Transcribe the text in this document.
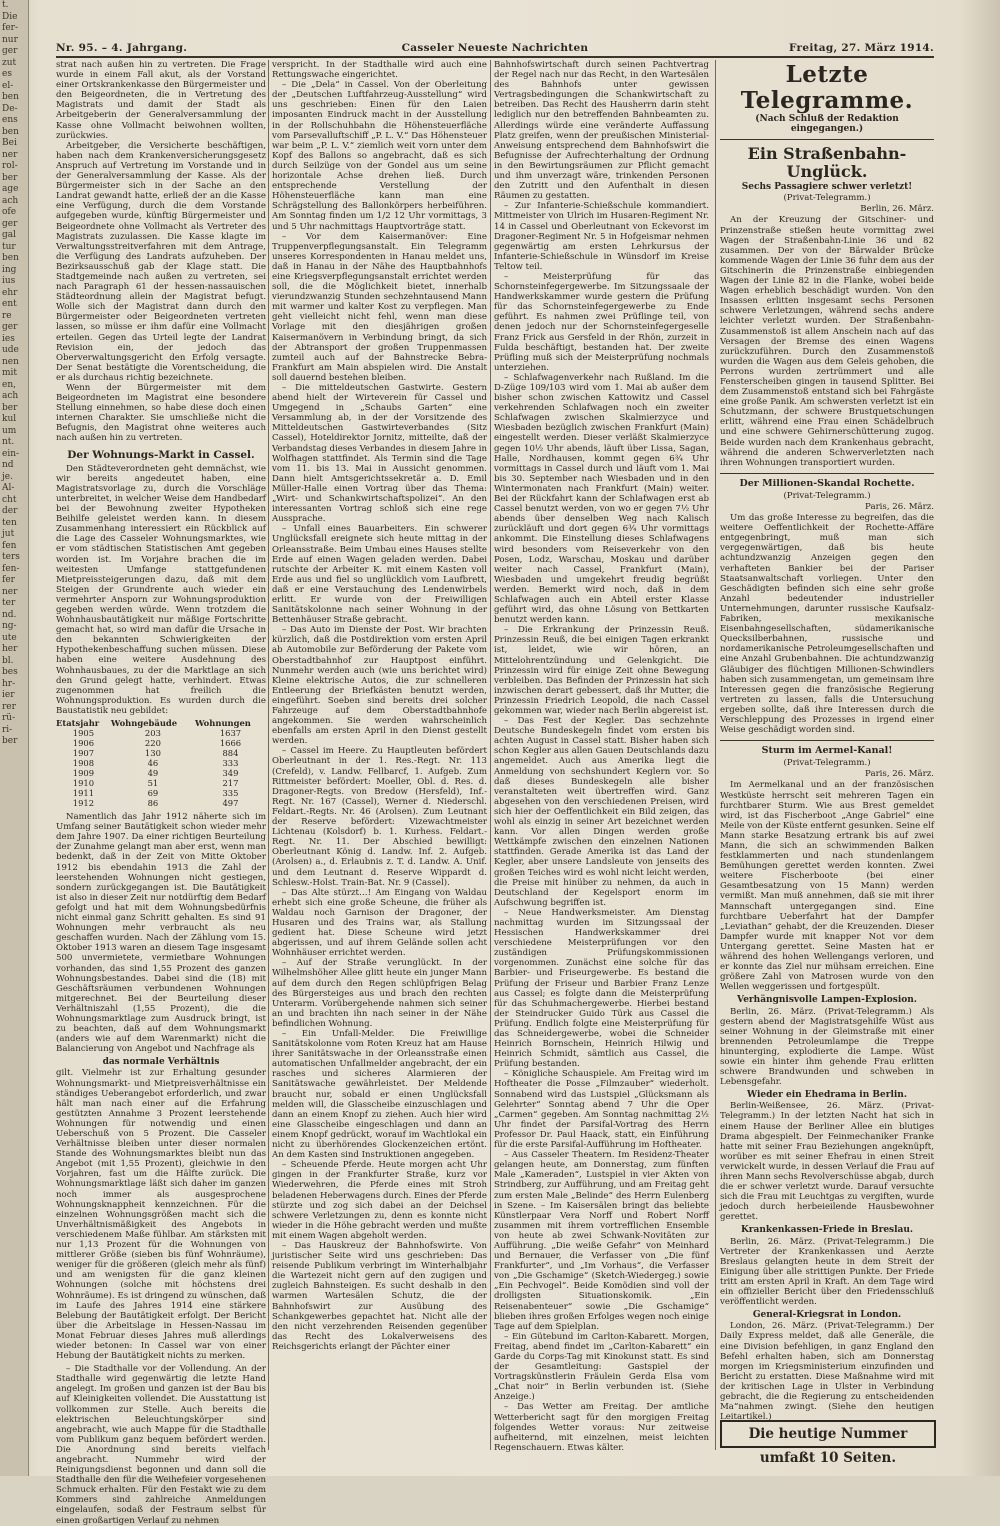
t.
Die
fer-
nur
ger
zut
es
el-
ben
De-
ens
ben
Bei
ner
rol-
ber
age
ach
ofe
ger
gal
tur
ben
ing
ius
ehr
ent
re
ger
ies
ude
nen
mit
en,
ach
ber
kul
um
nt.
ein-
nd
je.
Al-
cht
der
ten
jut
fen
ters
fen-
fer
ner
ter
nd.
ng-
ute
her
bl.
bes
hr-
ier
rer
rü-
ri-
ber
Nr. 95. – 4. Jahrgang.	Casseler Neueste Nachrichten	Freitag, 27. März 1914.

strat nach außen hin zu vertreten. Die Frage wurde in einem Fall akut, als der Vorstand einer Ortskrankenkasse den Bürgermeister und den Beigeordneten, die in Vertretung des Magistrats und damit der Stadt als Arbeitgeberin der Generalversammlung der Kasse ohne Vollmacht beiwohnen wollten, zurückwies.

Arbeitgeber, die Versicherte beschäftigen, haben nach dem Krankenversicherungsgesetz Anspruch auf Vertretung im Vorstande und in der Generalversammlung der Kasse. Als der Bürgermeister sich in der Sache an den Landrat gewandt hatte, erließ der an die Kasse eine Verfügung, durch die dem Vorstande aufgegeben wurde, künftig Bürgermeister und Beigeordnete ohne Vollmacht als Vertreter des Magistrats zuzulassen. Die Kasse klagte im Verwaltungsstreitverfahren mit dem Antrage, die Verfügung des Landrats aufzuheben. Der Bezirksausschuß gab der Klage statt. Die Stadtgemeinde nach außen zu vertreten, sei nach Paragraph 61 der hessen-nassauischen Städteordnung allein der Magistrat befugt. Wolle sich der Magistrat dann durch den Bürgermeister oder Beigeordneten vertreten lassen, so müsse er ihm dafür eine Vollmacht erteilen. Gegen das Urteil legte der Landrat Revision ein, der jedoch das Oberverwaltungsgericht den Erfolg versagte. Der Senat bestätigte die Vorentscheidung, die er als durchaus richtig bezeichnete.

Wenn der Bürgermeister mit dem Beigeordneten im Magistrat eine besondere Stellung einnehmen, so habe diese doch einen internen Charakter. Sie umschließe nicht die Befugnis, den Magistrat ohne weiteres auch nach außen hin zu vertreten.

Der Wohnungs-Markt in Cassel.

Den Städteverordneten geht demnächst, wie wir bereits angedeutet haben, eine Magistratsvorlage zu, durch die Vorschläge unterbreitet, in welcher Weise dem Handbedarf bei der Bewohnung zweiter Hypotheken Beihilfe geleistet werden kann. In diesem Zusammenhang interessiert ein Rückblick auf die Lage des Casseler Wohnungsmarktes, wie er vom städtischen Statistischen Amt gegeben worden ist. Im Vorjahre brachen die im weitesten Umfange stattgefundenen Mietpreissteigerungen dazu, daß mit dem Steigen der Grundrente auch wieder ein vermehrter Ansporn zur Wohnungsproduktion gegeben werden würde. Wenn trotzdem die Wohnhausbautätigkeit nur mäßige Fortschritte gemacht hat, so wird man dafür die Ursache in den bekannten Schwierigkeiten der Hypothekenbeschaffung suchen müssen. Diese haben eine weitere Ausdehnung des Wohnhausbaues, zu der die Marktlage an sich den Grund gelegt hatte, verhindert. Etwas zugenommen hat freilich die Wohnungsproduktion. Es wurden durch die Baustatistik neu gebildet:

Etatsjahr	Wohngebäude	Wohnungen
1905	203	1637
1906	220	1666
1907	130	884
1908	46	333
1909	49	349
1910	51	217
1911	69	335
1912	86	497

Namentlich das Jahr 1912 näherte sich im Umfang seiner Bautätigkeit schon wieder mehr dem Jahre 1907. Da einer richtigen Beurteilung der Zunahme gelangt man aber erst, wenn man bedenkt, daß in der Zeit von Mitte Oktober 1912 bis ebendahin 1913 die Zahl der leerstehenden Wohnungen nicht gestiegen, sondern zurückgegangen ist. Die Bautätigkeit ist also in dieser Zeit nur notdürftig dem Bedarf gefolgt und hat mit dem Wohnungsbedürfnis nicht einmal ganz Schritt gehalten. Es sind 91 Wohnungen mehr verbraucht als neu geschaffen wurden. Nach der Zählung vom 15. Oktober 1913 waren an diesem Tage insgesamt 500 unvermietete, vermietbare Wohnungen vorhanden, das sind 1,55 Prozent des ganzen Wohnungsbestandes. Dabei sind die (18) mit Geschäftsräumen verbundenen Wohnungen mitgerechnet. Bei der Beurteilung dieser Verhältniszahl (1,55 Prozent), die die Wohnungsmarktlage zum Ausdruck bringt, ist zu beachten, daß auf dem Wohnungsmarkt (anders wie auf dem Warenmarkt) nicht die Balancierung von Angebot und Nachfrage als

das normale Verhältnis

gilt. Vielmehr ist zur Erhaltung gesunder Wohnungsmarkt- und Mietpreisverhältnisse ein ständiges Ueberangebot erforderlich, und zwar hält man nach einer auf die Erfahrung gestützten Annahme 3 Prozent leerstehende Wohnungen für notwendig und einen Ueberschuß von 5 Prozent. Die Casseler Verhältnisse bleiben unter dieser normalen Stande des Wohnungsmarktes bleibt nun das Angebot (mit 1,55 Prozent), gleichwie in den Vorjahren, fast um die Hälfte zurück. Die Wohnungsmarktlage läßt sich daher im ganzen noch immer als ausgesprochene Wohnungsknappheit kennzeichnen. Für die einzelnen Wohnungsgrößen macht sich die Unverhältnismäßigkeit des Angebots in verschiedenem Maße fühlbar. Am stärksten mit nur 1,13 Prozent für die Wohnungen von mittlerer Größe (sieben bis fünf Wohnräume), weniger für die größeren (gleich mehr als fünf) und am wenigsten für die ganz kleinen Wohnungen (solche mit höchstens drei Wohnräume). Es ist dringend zu wünschen, daß im Laufe des Jahres 1914 eine stärkere Belebung der Bautätigkeit erfolgt. Der Bericht über die Arbeitslage in Hessen-Nassau im Monat Februar dieses Jahres muß allerdings wieder betonen: In Cassel war von einer Hebung der Bautätigkeit nichts zu merken.

– Die Stadthalle vor der Vollendung. An der Stadthalle wird gegenwärtig die letzte Hand angelegt. Im großen und ganzen ist der Bau bis auf Kleinigkeiten vollendet. Die Ausstattung ist vollkommen zur Stelle. Auch bereits die elektrischen Beleuchtungskörper sind angebracht, wie auch Mappe für die Stadthalle vom Publikum ganz bequem befördert werden. Die Anordnung sind bereits vielfach angebracht. Nummehr wird der Reinigungsdienst begonnen und dann soll die Stadthalle den für die Weihefeier vorgesehenen Schmuck erhalten. Für den Festakt wie zu dem Kommers sind zahlreiche Anmeldungen eingelaufen, sodaß der Festraum selbst für einen großartigen Verlauf zu nehmen

verspricht. In der Stadthalle wird auch eine Rettungswache eingerichtet.

– Die „Dela“ in Cassel. Von der Oberleitung der „Deutschen Luftfahrzeug-Ausstellung“ wird uns geschrieben: Einen für den Laien imposanten Eindruck macht in der Ausstellung in der Rollschuhbahn die Höhensteuerfläche vom Parsevalluftschiff „P. L. V.“ Das Höhensteuer war beim „P. L. V.“ ziemlich weit vorn unter dem Kopf des Ballons so angebracht, daß es sich durch Seilzüge von der Gondel aus um seine horizontale Achse drehen ließ. Durch entsprechende Verstellung der Höhensteuerfläche kann man eine Schrägstellung des Ballonkörpers herbeiführen. Am Sonntag finden um 1/2 12 Uhr vormittags, 3 und 5 Uhr nachmittags Hauptvorträge statt.

– Vor dem Kaisermanöver: Eine Truppenverpflegungsanstalt. Ein Telegramm unseres Korrespondenten in Hanau meldet uns, daß in Hanau in der Nähe des Hauptbahnhofs eine Kriegsverpflegungsanstalt errichtet werden soll, die die Möglichkeit bietet, innerhalb vierundzwanzig Stunden sechzehntausend Mann mit warmer und kalter Kost zu verpflegen. Man geht vielleicht nicht fehl, wenn man diese Vorlage mit den diesjährigen großen Kaisermanövern in Verbindung bringt, da sich der Abtransport der großen Truppenmassen zumteil auch auf der Bahnstrecke Bebra-Frankfurt am Main abspielen wird. Die Anstalt soll dauernd bestehen bleiben.

– Die mitteldeutschen Gastwirte. Gestern abend hielt der Wirteverein für Cassel und Umgegend in „Schaubs Garten“ eine Versammlung ab, in der der Vorsitzende des Mitteldeutschen Gastwirteverbandes (Sitz Cassel), Hoteldirektor Jornitz, mitteilte, daß der Verbandstag dieses Verbandes in diesem Jahre in Wolfhagen stattfindet. Als Termin sind die Tage vom 11. bis 13. Mai in Aussicht genommen. Dann hielt Amtsgerichtssekretär a. D. Emil Müller-Halle einen Vortrag über das Thema: „Wirt- und Schankwirtschaftspolizei“. An den interessanten Vortrag schloß sich eine rege Aussprache.

– Unfall eines Bauarbeiters. Ein schwerer Unglücksfall ereignete sich heute mittag in der Orleansstraße. Beim Umbau eines Hauses stellte Erde auf einen Wagen geladen werden. Dabei rutschte der Arbeiter K. mit einem Kasten voll Erde aus und fiel so unglücklich vom Laufbrett, daß er eine Verstauchung des Lendenwirbels erlitt. Er wurde von der Freiwilligen Sanitätskolonne nach seiner Wohnung in der Bettenhäuser Straße gebracht.

– Das Auto im Dienste der Post. Wir brachten kürzlich, daß die Postdirektion vom ersten April ab Automobile zur Beförderung der Pakete vom Oberstadtbahnhof zur Hauptpost einführt. Nunmehr werden auch (wie uns berichtet wird) Kleine elektrische Autos, die zur schnelleren Entleerung der Briefkästen benutzt werden, eingeführt. Soeben sind bereits drei solcher Fahrzeuge auf dem Oberstadtbahnhofe angekommen. Sie werden wahrscheinlich ebenfalls am ersten April in den Dienst gestellt werden.

– Cassel im Heere. Zu Hauptleuten befördert Oberleutnant in der 1. Res.-Regt. Nr. 113 (Crefeld), v. Landw. Fellbarcf, 1. Aufgeb. Zum Rittmeister befördert: Moeller, Obl. d. Res. d. Dragoner-Regts. von Bredow (Hersfeld), Inf.-Regt. Nr. 167 (Cassel), Werner d. Niederschl. Feldart.-Regts. Nr. 46 (Arolsen). Zum Leutnant der Reserve befördert: Vizewachtmeister Lichtenau (Kolsdorf) b. 1. Kurhess. Feldart.-Regt. Nr. 11. Der Abschied bewilligt: Oberleutnant König d. Landw. Inf. 2. Aufgeb. (Arolsen) a., d. Erlaubnis z. T. d. Landw. A. Unif. und dem Leutnant d. Reserve Wippardt d. Schlesw.-Holst. Train-Bat. Nr. 9 (Cassel).

– Das Alte stürzt…! Am Eingang von Waldau erhebt sich eine große Scheune, die früher als Waldau noch Garnison der Dragoner, der Husaren und des Trains war, als Stallung gedient hat. Diese Scheune wird jetzt abgerissen, und auf ihrem Gelände sollen acht Wohnhäuser errichtet werden.

– Auf der Straße verunglückt. In der Wilhelmshöher Allee glitt heute ein junger Mann auf dem durch den Regen schlüpfrigen Belag des Bürgersteiges aus und brach den rechten Unterarm. Vorübergehende nahmen sich seiner an und brachten ihn nach seiner in der Nähe befindlichen Wohnung.

– Ein Unfall-Melder. Die Freiwillige Sanitätskolonne vom Roten Kreuz hat am Hause ihrer Sanitätswache in der Orleansstraße einen automatischen Unfallmelder angebracht, der ein rasches und sicheres Alarmieren der Sanitätswache gewährleistet. Der Meldende braucht nur, sobald er einen Unglücksfall melden will, die Glasscheibe einzuschlagen und dann an einem Knopf zu ziehen. Auch hier wird eine Glasscheibe eingeschlagen und dann an einem Knopf gedrückt, worauf im Wachtlokal ein nicht zu überhörendes Glockenzeichen ertönt. An dem Kasten sind Instruktionen angegeben.

– Scheuende Pferde. Heute morgen acht Uhr gingen in der Frankfurter Straße, kurz vor Wiederwehren, die Pferde eines mit Stroh beladenen Heberwagens durch. Eines der Pferde stürzte und zog sich dabei an der Deichsel schwere Verletzungen zu, denn es konnte nicht wieder in die Höhe gebracht werden und mußte mit einem Wagen abgeholt werden.

– Das Hauskreuz der Bahnhofswirte. Von juristischer Seite wird uns geschrieben: Das reisende Publikum verbringt im Winterhalbjahr die Wartezeit nicht gern auf den zugigen und zugleich Bahnsteigen. Es sucht deshalb in den warmen Wartesälen Schutz, die der Bahnhofswirt zur Ausübung des Schankgewerbes gepachtet hat. Nicht alle der den nicht verzehrenden Reisenden gegenüber das Recht des Lokalverweisens des Reichsgerichts erlangt der Pächter einer

Bahnhofswirtschaft durch seinen Pachtvertrag der Regel nach nur das Recht, in den Wartesälen des Bahnhofs unter gewissen Vertragsbedingungen die Schankwirtschaft zu betreiben. Das Recht des Hausherrn darin steht lediglich nur den betreffenden Bahnbeamten zu. Allerdings würde eine veränderte Auffassung Platz greifen, wenn der preußischen Ministerial-Anweisung entsprechend dem Bahnhofswirt die Befugnisse der Aufrechterhaltung der Ordnung in den Bewirtungsräumen zur Pflicht gemacht und ihm unverzagt wäre, trinkenden Personen den Zutritt und den Aufenthalt in diesen Räumen zu gestatten.

– Zur Infanterie-Schießschule kommandiert. Mittmeister von Ulrich im Husaren-Regiment Nr. 14 in Cassel und Oberleutnant von Eckevorst im Dragoner-Regiment Nr. 5 in Hofgeismar nehmen gegenwärtig am ersten Lehrkursus der Infanterie-Schießschule in Wünsdorf im Kreise Teltow teil.

– Meisterprüfung für das Schornsteinfegergewerbe. Im Sitzungssaale der Handwerkskammer wurde gestern die Prüfung für das Schornsteinfegergewerbe zu Ende geführt. Es nahmen zwei Prüflinge teil, von denen jedoch nur der Schornsteinfegergeselle Franz Frick aus Gersfeld in der Rhön, zurzeit in Fulda beschäftigt, bestanden hat. Der zweite Prüfling muß sich der Meisterprüfung nochmals unterziehen.

– Schlafwagenverkehr nach Rußland. Im die D-Züge 109/103 wird vom 1. Mai ab außer dem bisher schon zwischen Kattowitz und Cassel verkehrenden Schlafwagen noch ein zweiter Schlafwagen zwischen Skalmierzyce und Wiesbaden bezüglich zwischen Frankfurt (Main) eingestellt werden. Dieser verläßt Skalmierzyce gegen 10½ Uhr abends, läuft über Lissa, Sagan, Halle, Nordhausen, kommt gegen 6¾ Uhr vormittags in Cassel durch und läuft vom 1. Mai bis 30. September nach Wiesbaden und in den Wintermonaten nach Frankfurt (Main) weiter. Bei der Rückfahrt kann der Schlafwagen erst ab Cassel benutzt werden, von wo er gegen 7½ Uhr abends über denselben Weg nach Kalisch zurückläuft und dort gegen 6¾ Uhr vormittags ankommt. Die Einstellung dieses Schlafwagens wird besonders vom Reiseverkehr von den Posen, Lodz, Warschau, Moskau und darüber weiter nach Cassel, Frankfurt (Main), Wiesbaden und umgekehrt freudig begrüßt werden. Bemerkt wird noch, daß in dem Schlafwagen auch ein Abteil erster Klasse geführt wird, das ohne Lösung von Bettkarten benutzt werden kann.

– Die Erkrankung der Prinzessin Reuß. Prinzessin Reuß, die bei einigen Tagen erkrankt ist, leidet, wie wir hören, an Mittelohrentzündung und Gelenkgicht. Die Prinzessin wird für einige Zeit ohne Bewegung verbleiben. Das Befinden der Prinzessin hat sich inzwischen derart gebessert, daß ihr Mutter, die Prinzessin Friedrich Leopold, die nach Cassel gekommen war, wieder nach Berlin abgereist ist.

– Das Fest der Kegler. Das sechzehnte Deutsche Bundeskegeln findet vom ersten bis achten August in Cassel statt. Bisher haben sich schon Kegler aus allen Gauen Deutschlands dazu angemeldet. Auch aus Amerika liegt die Anmeldung von sechshundert Keglern vor. So daß dieses Bundeskegeln alle bisher veranstalteten weit übertreffen wird. Ganz abgesehen von den verschiedenen Preisen, wird sich hier der Oeffentlichkeit ein Bild zeigen, das wohl als einzig in seiner Art bezeichnet werden kann. Vor allen Dingen werden große Wettkämpfe zwischen den einzelnen Nationen stattfinden. Gerade Amerika ist das Land der Kegler, aber unsere Landsleute von jenseits des großen Teiches wird es wohl nicht leicht werden, die Preise mit hinüber zu nehmen, da auch in Deutschland der Kegelsport enorm im Aufschwung begriffen ist.

– Neue Handwerksmeister. Am Dienstag nachmittag wurden im Sitzungssaal der Hessischen Handwerkskammer drei verschiedene Meisterprüfungen vor den zuständigen Prüfungskommissionen vorgenommen. Zunächst eine solche für das Barbier- und Friseurgewerbe. Es bestand die Prüfung der Friseur und Barbier Franz Lenze aus Cassel; es folgte dann die Meisterprüfung für das Schuhmachergewerbe. Hierbei bestand der Steindrucker Guido Türk aus Cassel die Prüfung. Endlich folgte eine Meisterprüfung für das Schneidergewerbe, wobei die Schneider Heinrich Bornschein, Heinrich Hilwig und Heinrich Schmidt, sämtlich aus Cassel, die Prüfung bestanden.

– Königliche Schauspiele. Am Freitag wird im Hoftheater die Posse „Filmzauber“ wiederholt. Sonnabend wird das Lustspiel „Glücksmann als Gelehrter“ Sonntag abend 7 Uhr die Oper „Carmen“ gegeben. Am Sonntag nachmittag 2½ Uhr findet der Parsifal-Vortrag des Herrn Professor Dr. Paul Haack, statt, ein Einführung für die erste Parsifal-Aufführung im Hoftheater.

– Aus Casseler Theatern. Im Residenz-Theater gelangen heute, am Donnerstag, zum fünften Male „Kameraden“, Lustspiel in vier Akten von Strindberg, zur Aufführung, und am Freitag geht zum ersten Male „Belinde“ des Herrn Eulenberg in Szene. – Im Kaisersälen bringt das beliebte Künstlerpaar Vera Norff und Robert Norff zusammen mit ihrem vortrefflichen Ensemble von heute ab zwei Schwank-Novitäten zur Aufführung. „Die weiße Gefahr“ von Meinhard und Bernauer, die Verfasser von „Die fünf Frankfurter“, und „Im Vorhaus“, die Verfasser von „Die Gschamige“ (Sketch-Wiedergeg.) sowie „Ein Pechvogel“. Beide Komödien sind voll der drolligsten Situationskomik. „Ein Reisenabenteuer“ sowie „Die Gschamige“ blieben ihres großen Erfolges wegen noch einige Tage auf dem Spielplan.

– Ein Gütebund im Carlton-Kabarett. Morgen, Freitag, abend findet im „Carlton-Kabarett“ ein Garde du Corps-Tag mit Kinokunst statt. Es sind der Gesamtleitung: Gastspiel der Vortragskünstlerin Fräulein Gerda Elsa vom „Chat noir“ in Berlin verbunden ist. (Siehe Anzeige.)

– Das Wetter am Freitag. Der amtliche Wetterbericht sagt für den morgigen Freitag folgendes Wetter voraus: Nur zeitweise aufheiternd, mit einzelnen, meist leichten Regenschauern. Etwas kälter.

Letzte Telegramme.
(Nach Schluß der Redaktion eingegangen.)
Ein Straßenbahn-Unglück.
Sechs Passagiere schwer verletzt!
(Privat-Telegramm.)
Berlin, 26. März.

An der Kreuzung der Gitschiner- und Prinzenstraße stießen heute vormittag zwei Wagen der Straßenbahn-Linie 36 und 82 zusammen. Der von der Bärwalder Brücke kommende Wagen der Linie 36 fuhr dem aus der Gitschinerin die Prinzenstraße einbiegenden Wagen der Linie 82 in die Flanke, wobei beide Wagen erheblich beschädigt wurden. Von den Insassen erlitten insgesamt sechs Personen schwere Verletzungen, während sechs andere leichter verletzt wurden. Der Straßenbahn-Zusammenstoß ist allem Anschein nach auf das Versagen der Bremse des einen Wagens zurückzuführen. Durch den Zusammenstoß wurden die Wagen aus dem Geleis gehoben, die Perrons wurden zertrümmert und alle Fensterscheiben gingen in tausend Splitter. Bei dem Zusammenstoß entstand sich bei Fahrgäste eine große Panik. Am schwersten verletzt ist ein Schutzmann, der schwere Brustquetschungen erlitt, während eine Frau einen Schädelbruch und eine schwere Gehirnerschütterung zugog. Beide wurden nach dem Krankenhaus gebracht, während die anderen Schwerverletzten nach ihren Wohnungen transportiert wurden.

Der Millionen-Skandal Rochette.
(Privat-Telegramm.)
Paris, 26. März.

Um das große Interesse zu begreifen, das die weitere Oeffentlichkeit der Rochette-Affäre entgegenbringt, muß man sich vergegenwärtigen, daß bis heute achtundzwanzig Anzeigen gegen den verhafteten Bankier bei der Pariser Staatsanwaltschaft vorliegen. Unter den Geschädigten befinden sich eine sehr große Anzahl bedeutender industrieller Unternehmungen, darunter russische Kaufsalz-Fabriken, mexikanische Eisenbahngesellschaften, südamerikanische Quecksilberbahnen, russische und nordamerikanische Petroleumgesellschaften und eine Anzahl Grubenbahnen. Die achtundzwanzig Gläubiger des flüchtigen Millionen-Schwindlers haben sich zusammengetan, um gemeinsam ihre Interessen gegen die französische Regierung vertreten zu lassen, falls die Untersuchung ergeben sollte, daß ihre Interessen durch die Verschleppung des Prozesses in irgend einer Weise geschädigt worden sind.

Sturm im Aermel-Kanal!
(Privat-Telegramm.)
Paris, 26. März.

Im Aermelkanal und an der französischen Westküste herrscht seit mehreren Tagen ein furchtbarer Sturm. Wie aus Brest gemeldet wird, ist das Fischerboot „Ange Gabriel“ eine Meile von der Küste entfernt gesunken. Seine elf Mann starke Besatzung ertrank bis auf zwei Mann, die sich an schwimmenden Balken festklammerten und nach stundenlangem Bemühungen gerettet werden konnten. Zwei weitere Fischerboote (bei einer Gesamtbesatzung von 15 Mann) werden vermißt. Man muß annehmen, daß sie mit ihrer Mannschaft untergegangen sind. Eine furchtbare Ueberfahrt hat der Dampfer „Leviathan“ gehabt, der die Kreuzenden. Dieser Dampfer wurde mit knapper Not vor dem Untergang gerettet. Seine Masten hat er während des hohen Wellengangs verloren, und er konnte das Ziel nur mühsam erreichen. Eine größere Zahl von Matrosen wurde von den Wellen weggerissen und fortgespült.

Verhängnisvolle Lampen-Explosion.

Berlin, 26. März. (Privat-Telegramm.) Als gestern abend der Magistratsgehilfe Wüst aus seiner Wohnung in der Gleimstraße mit einer brennenden Petroleumlampe die Treppe hinunterging, explodierte die Lampe. Wüst sowie ein hinter ihm gehende Frau erlitten schwere Brandwunden und schweben in Lebensgefahr.

Wieder ein Ehedrama in Berlin.

Berlin-Weißensee, 26. März. (Privat-Telegramm.) In der letzten Nacht hat sich in einem Hause der Berliner Allee ein blutiges Drama abgespielt. Der Feinmechaniker Franke hatte mit seiner Frau Beziehungen angeknüpft, worüber es mit seiner Ehefrau in einen Streit verwickelt wurde, in dessen Verlauf die Frau auf ihren Mann sechs Revolverschüsse abgab, durch die er schwer verletzt wurde. Darauf versuchte sich die Frau mit Leuchtgas zu vergiften, wurde jedoch durch herbeieilende Hausbewohner gerettet.

Krankenkassen-Friede in Breslau.

Berlin, 26. März. (Privat-Telegramm.) Die Vertreter der Krankenkassen und Aerzte Breslaus gelangten heute in dem Streit der Einigung über alle strittigen Punkte. Der Friede tritt am ersten April in Kraft. An dem Tage wird ein offizieller Bericht über den Friedensschluß veröffentlicht werden.

General-Kriegsrat in London.

London, 26. März. (Privat-Telegramm.) Der Daily Express meldet, daß alle Generäle, die eine Division befehligen, in ganz England den Befehl erhalten haben, sich am Donnerstag morgen im Kriegsministerium einzufinden und Bericht zu erstatten. Diese Maßnahme wird mit der kritischen Lage in Ulster in Verbindung gebracht, die die Regierung zu entscheidenden Ma“nahmen zwingt. (Siehe den heutigen Leitartikel.)

Die heutige Nummer umfaßt 10 Seiten.
